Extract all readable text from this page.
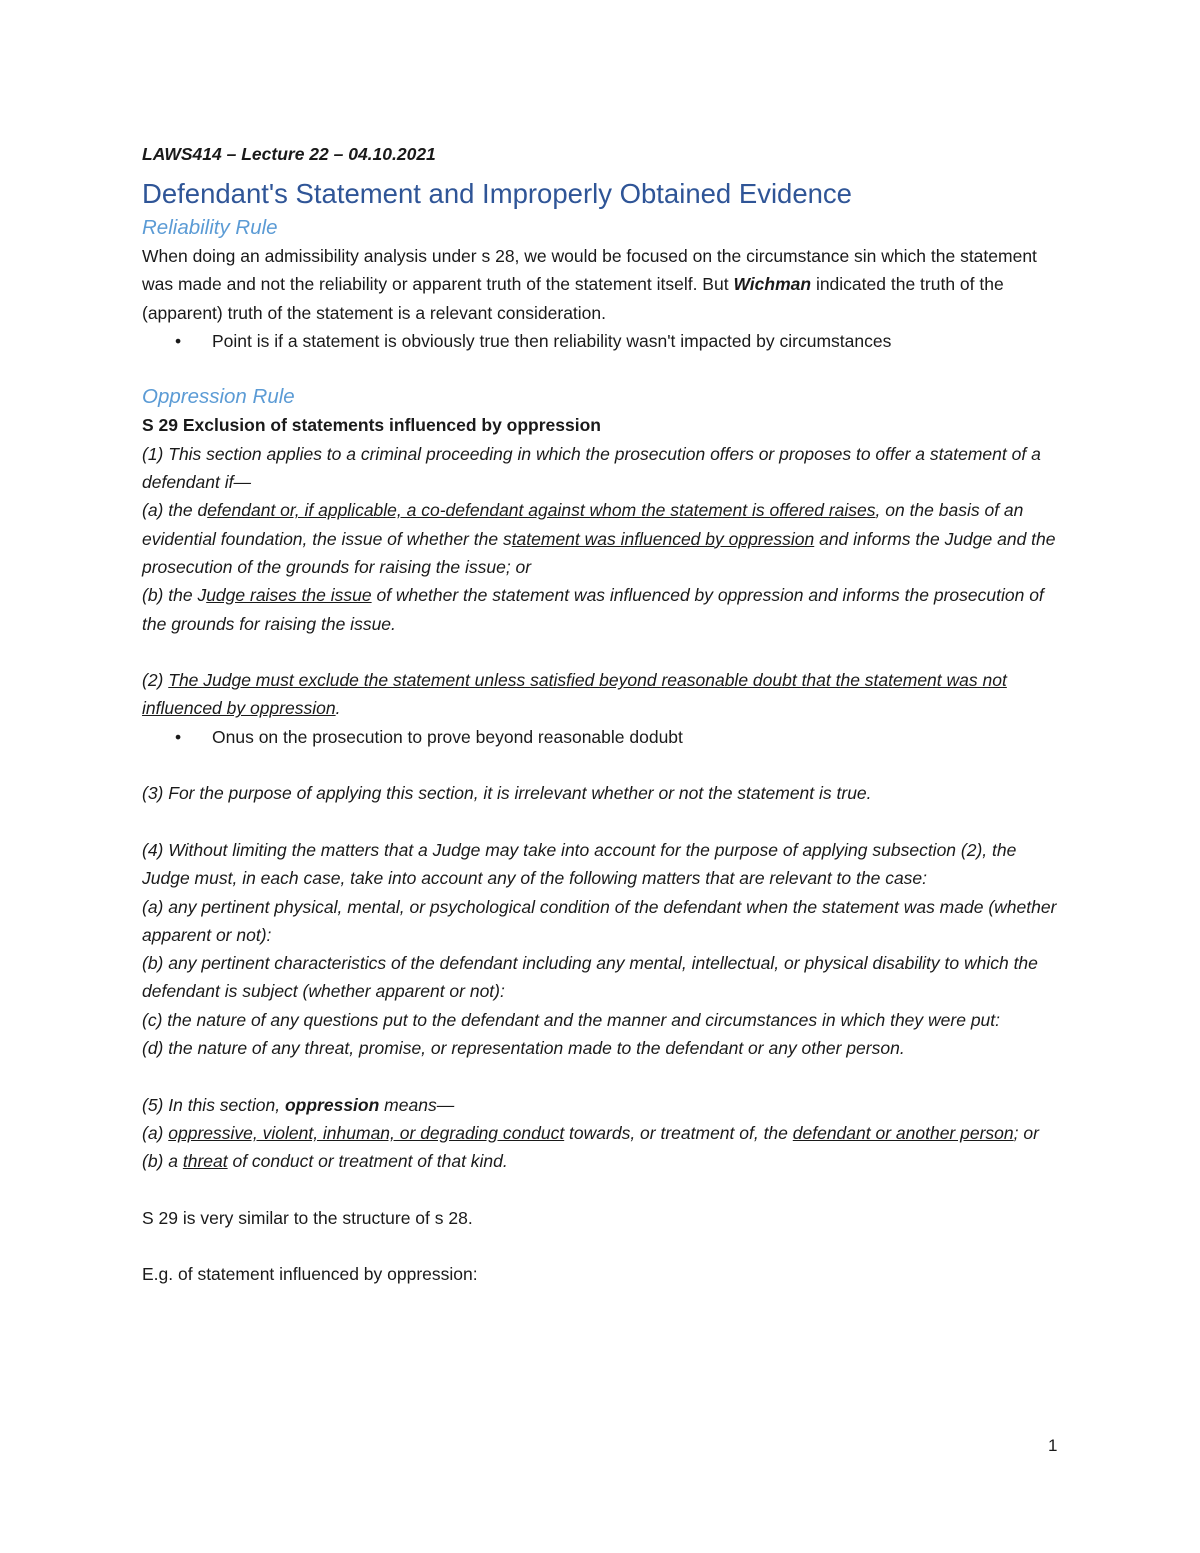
LAWS414 – Lecture 22 – 04.10.2021

Defendant's Statement and Improperly Obtained Evidence
Reliability Rule

When doing an admissibility analysis under s 28, we would be focused on the circumstance sin which the statement was made and not the reliability or apparent truth of the statement itself. But Wichman indicated the truth of the (apparent) truth of the statement is a relevant consideration.

• Point is if a statement is obviously true then reliability wasn't impacted by circumstances

Oppression Rule

S 29 Exclusion of statements influenced by oppression

(1) This section applies to a criminal proceeding in which the prosecution offers or proposes to offer a statement of a defendant if—

(a) the defendant or, if applicable, a co-defendant against whom the statement is offered raises, on the basis of an evidential foundation, the issue of whether the statement was influenced by oppression and informs the Judge and the prosecution of the grounds for raising the issue; or

(b) the Judge raises the issue of whether the statement was influenced by oppression and informs the prosecution of the grounds for raising the issue.

(2) The Judge must exclude the statement unless satisfied beyond reasonable doubt that the statement was not influenced by oppression.

• Onus on the prosecution to prove beyond reasonable dodubt

(3) For the purpose of applying this section, it is irrelevant whether or not the statement is true.

(4) Without limiting the matters that a Judge may take into account for the purpose of applying subsection (2), the Judge must, in each case, take into account any of the following matters that are relevant to the case:

(a) any pertinent physical, mental, or psychological condition of the defendant when the statement was made (whether apparent or not):

(b) any pertinent characteristics of the defendant including any mental, intellectual, or physical disability to which the defendant is subject (whether apparent or not):

(c) the nature of any questions put to the defendant and the manner and circumstances in which they were put:

(d) the nature of any threat, promise, or representation made to the defendant or any other person.

(5) In this section, oppression means—

(a) oppressive, violent, inhuman, or degrading conduct towards, or treatment of, the defendant or another person; or

(b) a threat of conduct or treatment of that kind.

S 29 is very similar to the structure of s 28.

E.g. of statement influenced by oppression:

1
